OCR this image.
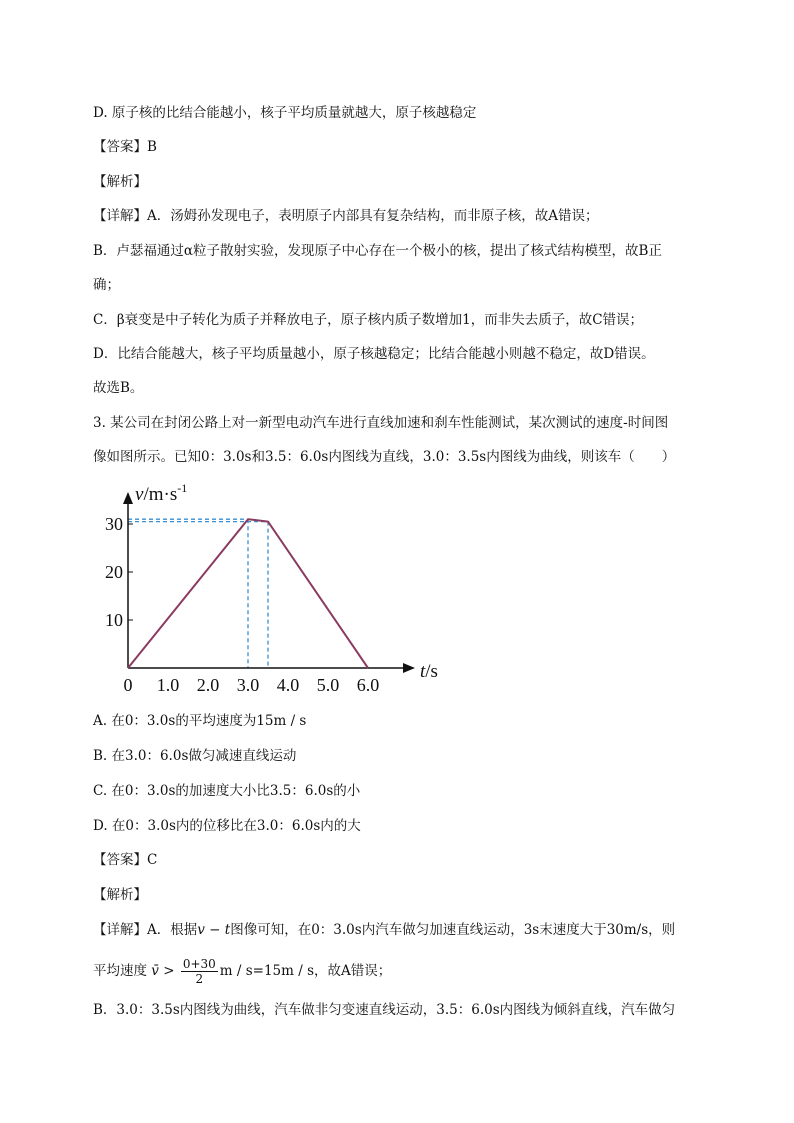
D. 原子核的比结合能越小，核子平均质量就越大，原子核越稳定
【答案】B
【解析】
【详解】A．汤姆孙发现电子，表明原子内部具有复杂结构，而非原子核，故A错误；
B．卢瑟福通过α粒子散射实验，发现原子中心存在一个极小的核，提出了核式结构模型，故B正
确；
C．β衰变是中子转化为质子并释放电子，原子核内质子数增加1，而非失去质子，故C错误；
D．比结合能越大，核子平均质量越小，原子核越稳定；比结合能越小则越不稳定，故D错误。
故选B。
3. 某公司在封闭公路上对一新型电动汽车进行直线加速和刹车性能测试，某次测试的速度-时间图
像如图所示。已知0：3.0s和3.5：6.0s内图线为直线，3.0：3.5s内图线为曲线，则该车（　　）
0 1.0 2.0 3.0 4.0 5.0 6.0
10
20
30
$v/m\cdot s^{-1}$
t/s
A. 在0：3.0s的平均速度为15m / s
B. 在3.0：6.0s做匀减速直线运动
C. 在0：3.0s的加速度大小比3.5：6.0s的小
D. 在0：3.0s内的位移比在3.0：6.0s内的大
【答案】C
【解析】
【详解】A．根据v − t图像可知，在0：3.0s内汽车做匀加速直线运动，3s末速度大于30m/s，则
平均速度 v̄ > $\frac{0+30}{2}$ m / s=15m / s，故A错误；
B．3.0：3.5s内图线为曲线，汽车做非匀变速直线运动，3.5：6.0s内图线为倾斜直线，汽车做匀
